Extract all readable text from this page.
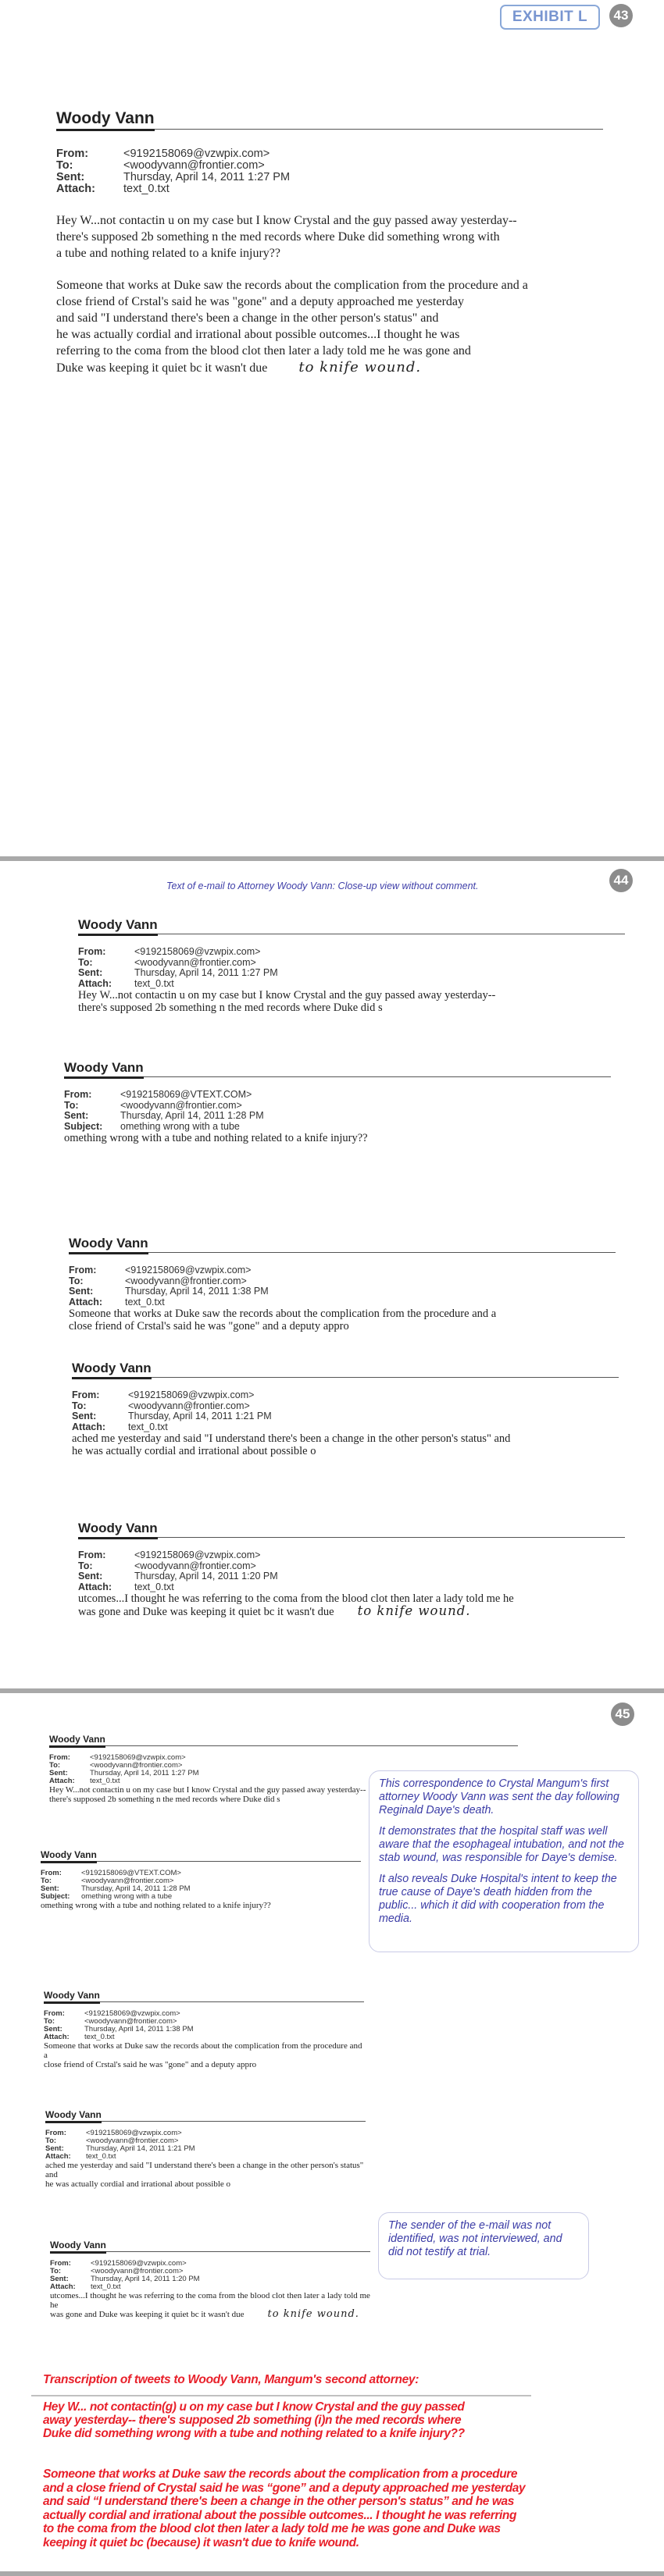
EXHIBIT L	43
Woody Vann
From:	<9192158069@vzwpix.com>
To:	<woodyvann@frontier.com>
Sent:	Thursday, April 14, 2011 1:27 PM
Attach:	text_0.txt
Hey W...not contactin u on my case but I know Crystal and the guy passed away yesterday--
there's supposed 2b something n the med records where Duke did something wrong with
a tube and nothing related to a knife injury??
Someone that works at Duke saw the records about the complication from the procedure and a
close friend of Crstal's said he was "gone" and a deputy approached me yesterday
and said "I understand there's been a change in the other person's status" and
he was actually cordial and irrational about possible outcomes...I thought he was
referring to the coma from the blood clot then later a lady told me he was gone and
Duke was keeping it quiet bc it wasn't due to knife wound.
Text of e-mail to Attorney Woody Vann: Close-up view without comment.	44
Woody Vann
From:	<9192158069@vzwpix.com>
To:	<woodyvann@frontier.com>
Sent:	Thursday, April 14, 2011 1:27 PM
Attach:	text_0.txt
Hey W...not contactin u on my case but I know Crystal and the guy passed away yesterday--
there's supposed 2b something n the med records where Duke did s
Woody Vann
From:	<9192158069@VTEXT.COM>
To:	<woodyvann@frontier.com>
Sent:	Thursday, April 14, 2011 1:28 PM
Subject:	omething wrong with a tube
omething wrong with a tube and nothing related to a knife injury??
Woody Vann
From:	<9192158069@vzwpix.com>
To:	<woodyvann@frontier.com>
Sent:	Thursday, April 14, 2011 1:38 PM
Attach:	text_0.txt
Someone that works at Duke saw the records about the complication from the procedure and a
close friend of Crstal's said he was "gone" and a deputy appro
Woody Vann
From:	<9192158069@vzwpix.com>
To:	<woodyvann@frontier.com>
Sent:	Thursday, April 14, 2011 1:21 PM
Attach:	text_0.txt
ached me yesterday and said "I understand there's been a change in the other person's status" and
he was actually cordial and irrational about possible o
Woody Vann
From:	<9192158069@vzwpix.com>
To:	<woodyvann@frontier.com>
Sent:	Thursday, April 14, 2011 1:20 PM
Attach:	text_0.txt
utcomes...I thought he was referring to the coma from the blood clot then later a lady told me he
was gone and Duke was keeping it quiet bc it wasn't due to knife wound.
45
Woody Vann
From:	<9192158069@vzwpix.com>
To:	<woodyvann@frontier.com>
Sent:	Thursday, April 14, 2011 1:27 PM
Attach:	text_0.txt
Hey W...not contactin u on my case but I know Crystal and the guy passed away yesterday--
there's supposed 2b something n the med records where Duke did s
Woody Vann
From:	<9192158069@VTEXT.COM>
To:	<woodyvann@frontier.com>
Sent:	Thursday, April 14, 2011 1:28 PM
Subject:	omething wrong with a tube
omething wrong with a tube and nothing related to a knife injury??
Woody Vann
From:	<9192158069@vzwpix.com>
To:	<woodyvann@frontier.com>
Sent:	Thursday, April 14, 2011 1:38 PM
Attach:	text_0.txt
Someone that works at Duke saw the records about the complication from the procedure and a
close friend of Crstal's said he was "gone" and a deputy appro
Woody Vann
From:	<9192158069@vzwpix.com>
To:	<woodyvann@frontier.com>
Sent:	Thursday, April 14, 2011 1:21 PM
Attach:	text_0.txt
ached me yesterday and said "I understand there's been a change in the other person's status" and
he was actually cordial and irrational about possible o
Woody Vann
From:	<9192158069@vzwpix.com>
To:	<woodyvann@frontier.com>
Sent:	Thursday, April 14, 2011 1:20 PM
Attach:	text_0.txt
utcomes...I thought he was referring to the coma from the blood clot then later a lady told me he
was gone and Duke was keeping it quiet bc it wasn't due to knife wound.

This correspondence to Crystal Mangum's first attorney Woody Vann was sent the day following Reginald Daye's death.

It demonstrates that the hospital staff was well aware that the esophageal intubation, and not the stab wound, was responsible for Daye's demise.

It also reveals Duke Hospital's intent to keep the true cause of Daye's death hidden from the public... which it did with cooperation from the media.

The sender of the e-mail was not identified, was not interviewed, and did not testify at trial.

Transcription of tweets to Woody Vann, Mangum's second attorney:
Hey W... not contactin(g) u on my case but I know Crystal and the guy passed away yesterday-- there's supposed 2b something (i)n the med records where Duke did something wrong with a tube and nothing related to a knife injury??
Someone that works at Duke saw the records about the complication from a procedure and a close friend of Crystal said he was “gone” and a deputy approached me yesterday and said “I understand there's been a change in the other person's status” and he was actually cordial and irrational about the possible outcomes... I thought he was referring to the coma from the blood clot then later a lady told me he was gone and Duke was keeping it quiet bc (because) it wasn't due to knife wound.
